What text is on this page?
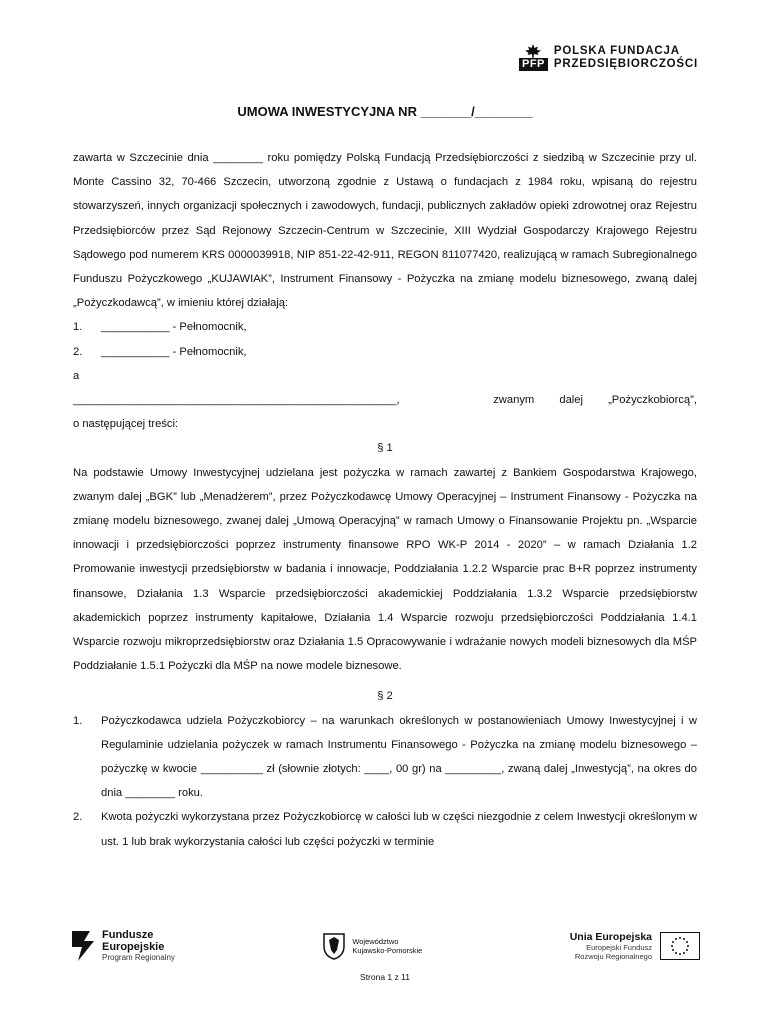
PFP
POLSKA FUNDACJA
PRZEDSIĘBIORCZOŚCI
UMOWA INWESTYCYJNA NR _______/________

zawarta w Szczecinie dnia ________ roku pomiędzy Polską Fundacją Przedsiębiorczości z siedzibą w Szczecinie przy ul. Monte Cassino 32, 70-466 Szczecin, utworzoną zgodnie z Ustawą o fundacjach z 1984 roku, wpisaną do rejestru stowarzyszeń, innych organizacji społecznych i zawodowych, fundacji, publicznych zakładów opieki zdrowotnej oraz Rejestru Przedsiębiorców przez Sąd Rejonowy Szczecin-Centrum w Szczecinie, XIII Wydział Gospodarczy Krajowego Rejestru Sądowego pod numerem KRS 0000039918, NIP 851-22-42-911, REGON 811077420, realizującą w ramach Subregionalnego Funduszu Pożyczkowego „KUJAWIAK”, Instrument Finansowy - Pożyczka na zmianę modelu biznesowego, zwaną dalej „Pożyczkodawcą”, w imieniu której działają:

1.	___________ - Pełnomocnik,
2.	___________ - Pełnomocnik,

a

____________________________________________________,	zwanym dalej „Pożyczkobiorcą”,

o następującej treści:

§ 1

Na podstawie Umowy Inwestycyjnej udzielana jest pożyczka w ramach zawartej z Bankiem Gospodarstwa Krajowego, zwanym dalej „BGK” lub „Menadżerem”, przez Pożyczkodawcę Umowy Operacyjnej – Instrument Finansowy - Pożyczka na zmianę modelu biznesowego, zwanej dalej „Umową Operacyjną” w ramach Umowy o Finansowanie Projektu pn. „Wsparcie innowacji i przedsiębiorczości poprzez instrumenty finansowe RPO WK-P 2014 - 2020” – w ramach Działania 1.2 Promowanie inwestycji przedsiębiorstw w badania i innowacje, Poddziałania 1.2.2 Wsparcie prac B+R poprzez instrumenty finansowe, Działania 1.3 Wsparcie przedsiębiorczości akademickiej Poddziałania 1.3.2 Wsparcie przedsiębiorstw akademickich poprzez instrumenty kapitałowe, Działania 1.4 Wsparcie rozwoju przedsiębiorczości Poddziałania 1.4.1 Wsparcie rozwoju mikroprzedsiębiorstw oraz Działania 1.5 Opracowywanie i wdrażanie nowych modeli biznesowych dla MŚP Poddziałanie 1.5.1 Pożyczki dla MŚP na nowe modele biznesowe.

§ 2

1.	Pożyczkodawca udziela Pożyczkobiorcy – na warunkach określonych w postanowieniach Umowy Inwestycyjnej i w Regulaminie udzielania pożyczek w ramach Instrumentu Finansowego - Pożyczka na zmianę modelu biznesowego – pożyczkę w kwocie __________ zł (słownie złotych: ____, 00 gr) na _________, zwaną dalej „Inwestycją”, na okres do dnia ________ roku.
2.	Kwota pożyczki wykorzystana przez Pożyczkobiorcę w całości lub w części niezgodnie z celem Inwestycji określonym w ust. 1 lub brak wykorzystania całości lub części pożyczki w terminie
Fundusze
Europejskie
Program Regionalny
Województwo
Kujawsko-Pomorskie
Unia Europejska
Europejski Fundusz
Rozwoju Regionalnego
Strona 1 z 11
